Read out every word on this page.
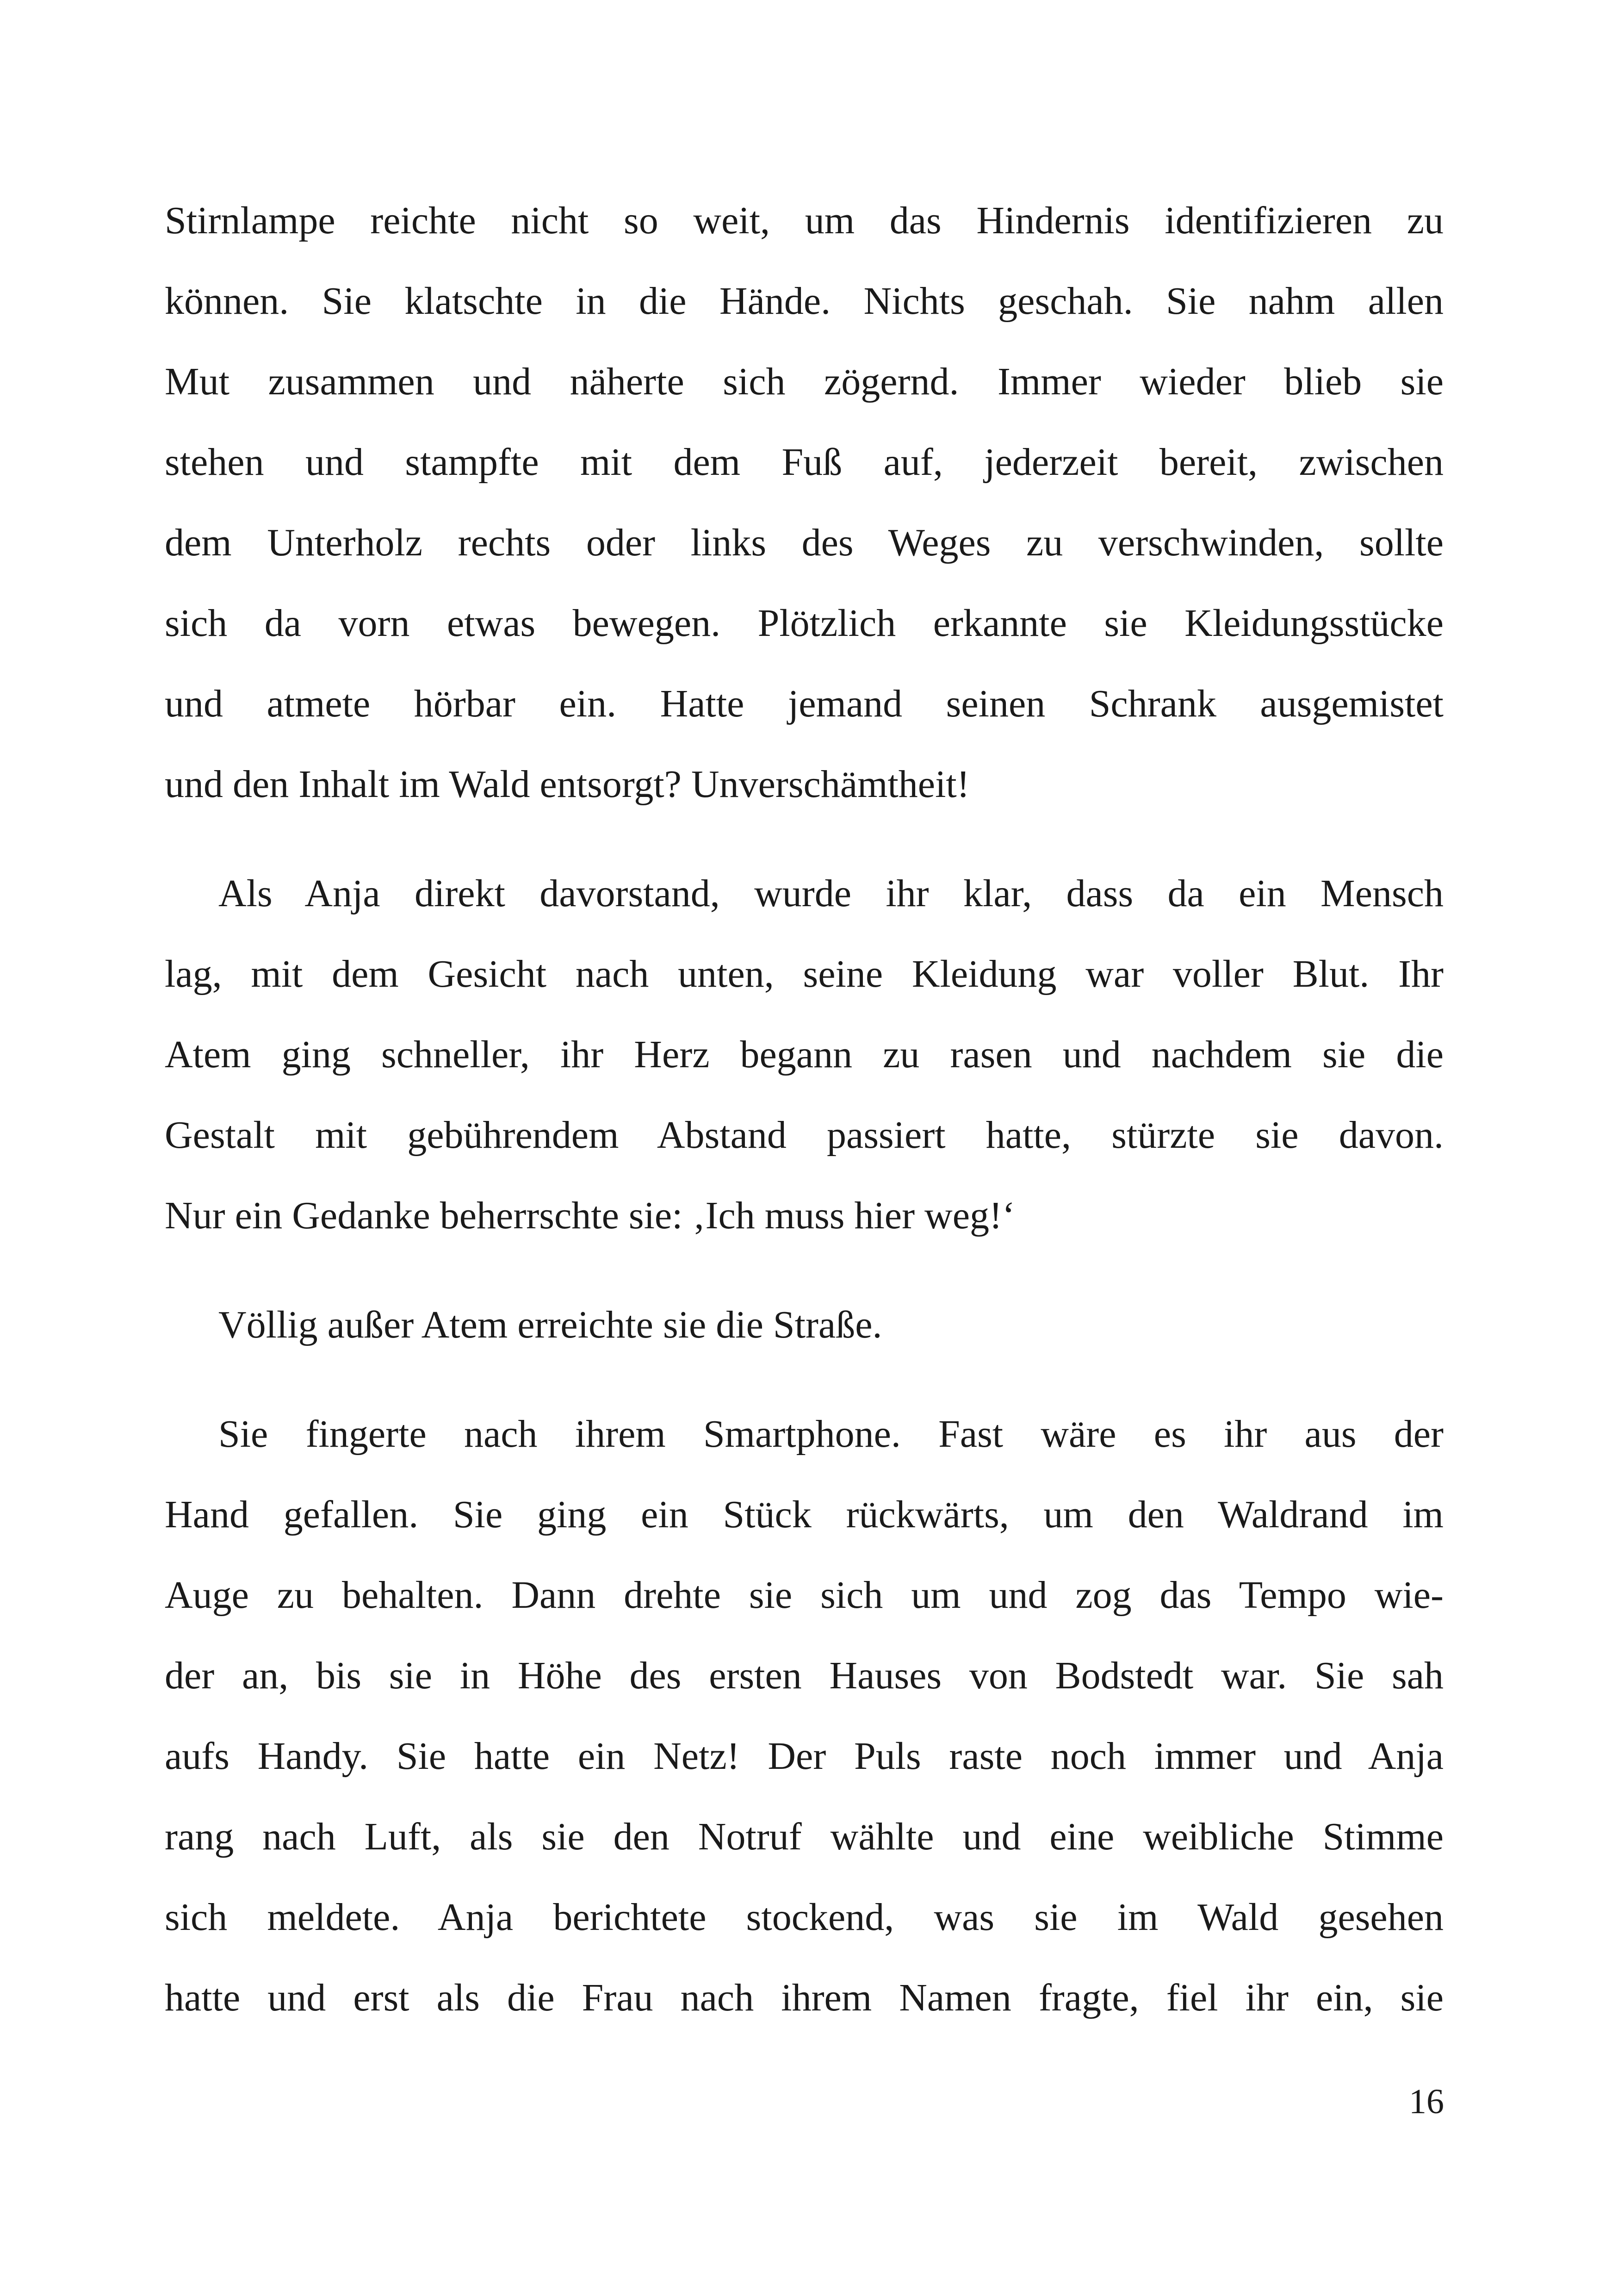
Stirnlampe reichte nicht so weit, um das Hindernis identifizieren zu
können. Sie klatschte in die Hände. Nichts geschah. Sie nahm allen
Mut zusammen und näherte sich zögernd. Immer wieder blieb sie
stehen und stampfte mit dem Fuß auf, jederzeit bereit, zwischen
dem Unterholz rechts oder links des Weges zu verschwinden, sollte
sich da vorn etwas bewegen. Plötzlich erkannte sie Kleidungsstücke
und atmete hörbar ein. Hatte jemand seinen Schrank ausgemistet
und den Inhalt im Wald entsorgt? Unverschämtheit!
Als Anja direkt davorstand, wurde ihr klar, dass da ein Mensch
lag, mit dem Gesicht nach unten, seine Kleidung war voller Blut. Ihr
Atem ging schneller, ihr Herz begann zu rasen und nachdem sie die
Gestalt mit gebührendem Abstand passiert hatte, stürzte sie davon.
Nur ein Gedanke beherrschte sie: ‚Ich muss hier weg!‘
Völlig außer Atem erreichte sie die Straße.
Sie fingerte nach ihrem Smartphone. Fast wäre es ihr aus der
Hand gefallen. Sie ging ein Stück rückwärts, um den Waldrand im
Auge zu behalten. Dann drehte sie sich um und zog das Tempo wie-
der an, bis sie in Höhe des ersten Hauses von Bodstedt war. Sie sah
aufs Handy. Sie hatte ein Netz! Der Puls raste noch immer und Anja
rang nach Luft, als sie den Notruf wählte und eine weibliche Stimme
sich meldete. Anja berichtete stockend, was sie im Wald gesehen
hatte und erst als die Frau nach ihrem Namen fragte, fiel ihr ein, sie
16
